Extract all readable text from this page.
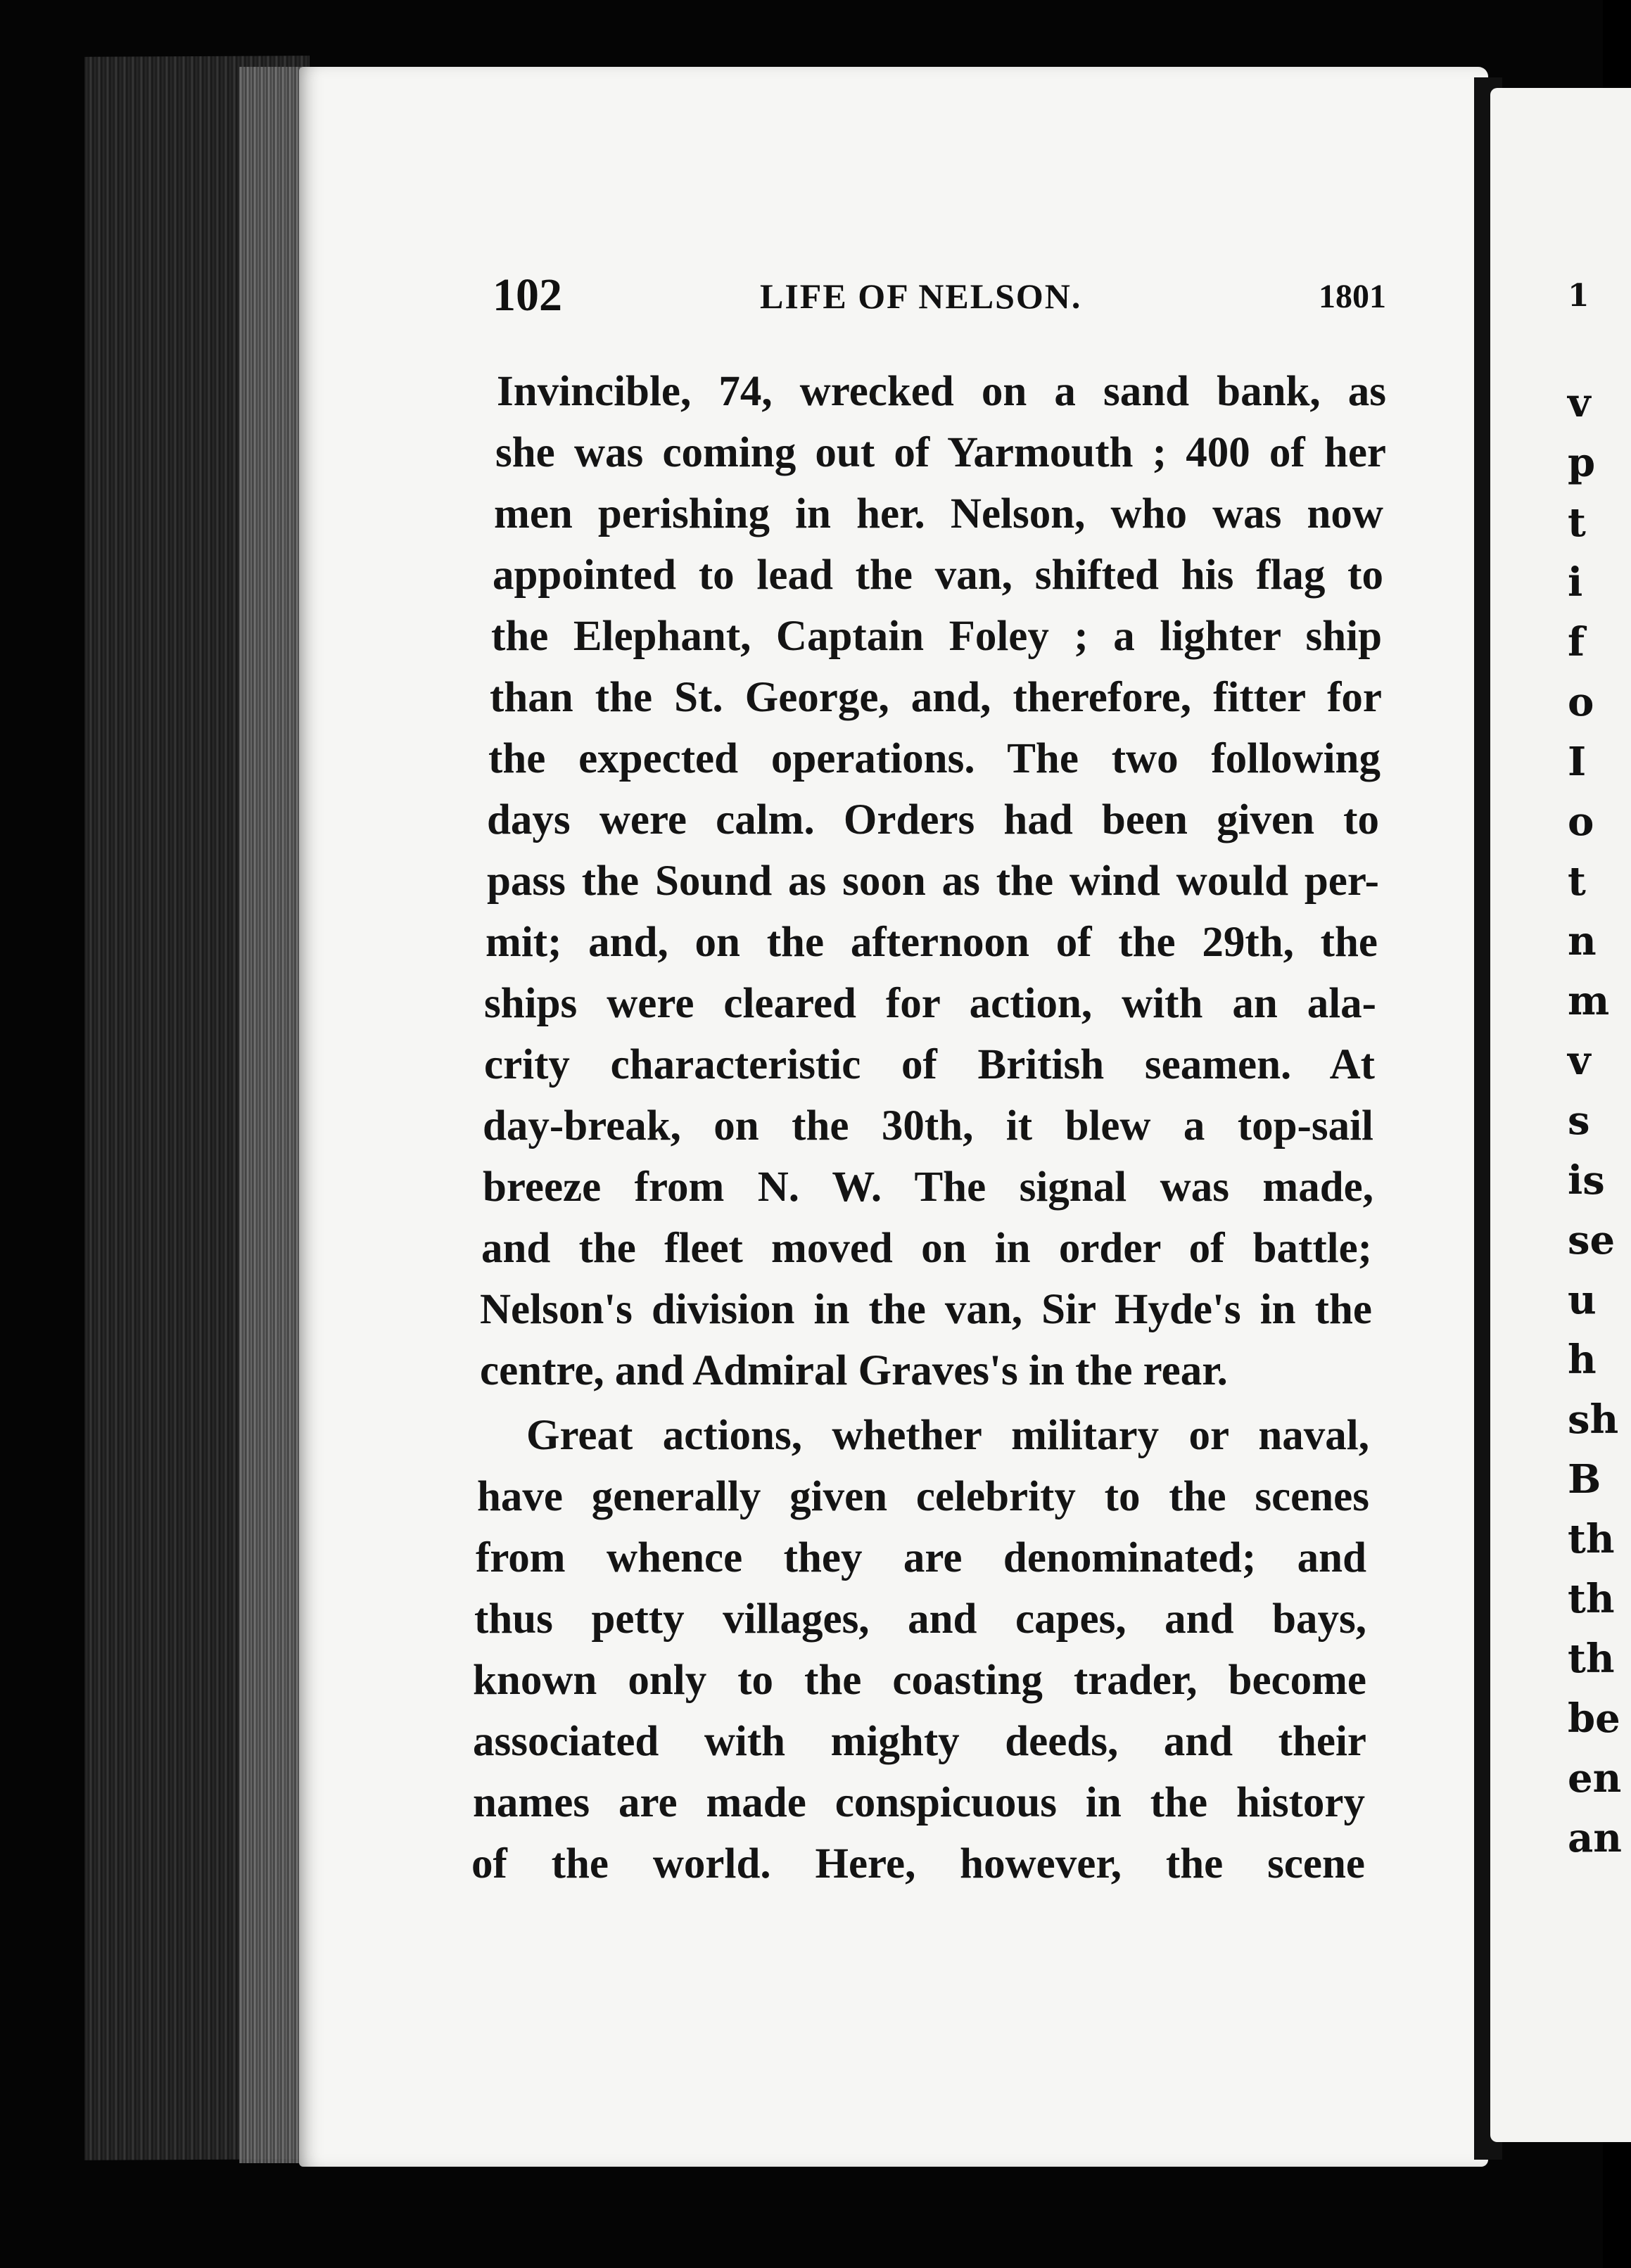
1
v
p
t
i
f
o
I
o
t
n
m
v
s
is
se
u
h
sh
B
th
th
th
be
en
an
102	LIFE OF NELSON.	1801
Invincible, 74, wrecked on a sand bank, as
she was coming out of Yarmouth ; 400 of her
men perishing in her. Nelson, who was now
appointed to lead the van, shifted his flag to
the Elephant, Captain Foley ; a lighter ship
than the St. George, and, therefore, fitter for
the expected operations. The two following
days were calm. Orders had been given to
pass the Sound as soon as the wind would per-
mit; and, on the afternoon of the 29th, the
ships were cleared for action, with an ala-
crity characteristic of British seamen. At
day-break, on the 30th, it blew a top-sail
breeze from N. W. The signal was made,
and the fleet moved on in order of battle;
Nelson's division in the van, Sir Hyde's in the
centre, and Admiral Graves's in the rear.
Great actions, whether military or naval,
have generally given celebrity to the scenes
from whence they are denominated; and
thus petty villages, and capes, and bays,
known only to the coasting trader, become
associated with mighty deeds, and their
names are made conspicuous in the history
of the world. Here, however, the scene
